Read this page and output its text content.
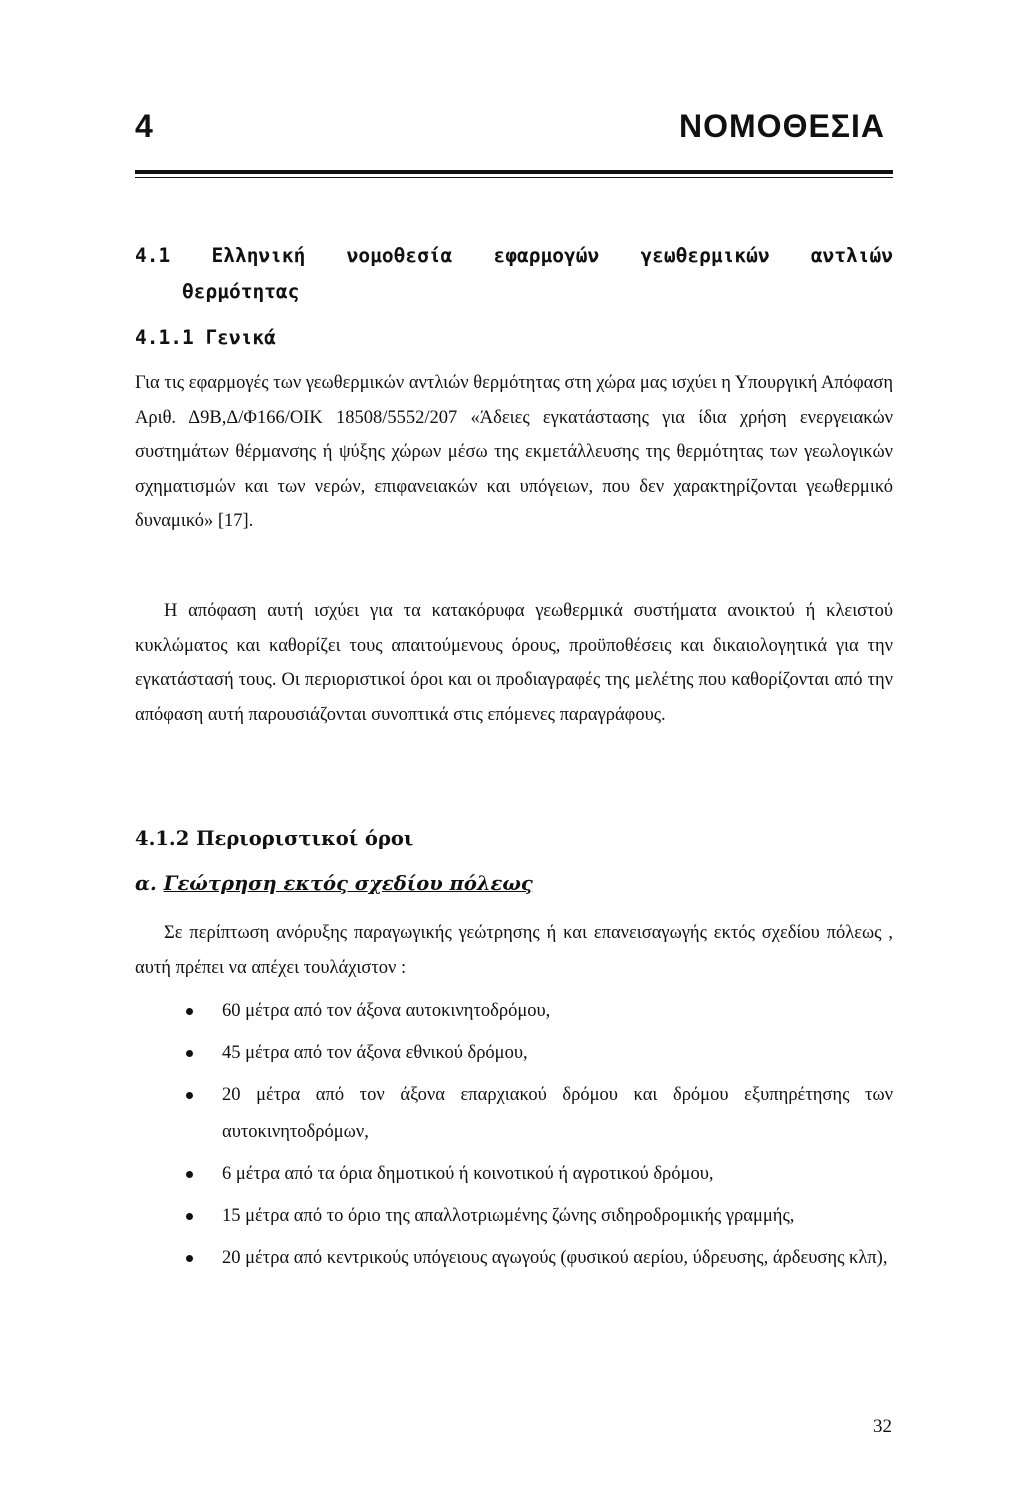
4	ΝΟΜΟΘΕΣΙΑ
4.1 Ελληνική νομοθεσία εφαρμογών γεωθερμικών αντλιών
θερμότητας
4.1.1 Γενικά
Για τις εφαρμογές των γεωθερμικών αντλιών θερμότητας στη χώρα μας ισχύει η Υπουργική Απόφαση Αριθ. Δ9Β,Δ/Φ166/ΟΙΚ 18508/5552/207 «Άδειες εγκατάστασης για ίδια χρήση ενεργειακών συστημάτων θέρμανσης ή ψύξης χώρων μέσω της εκμετάλλευσης της θερμότητας των γεωλογικών σχηματισμών και των νερών, επιφανειακών και υπόγειων, που δεν χαρακτηρίζονται γεωθερμικό δυναμικό» [17].
Η απόφαση αυτή ισχύει για τα κατακόρυφα γεωθερμικά συστήματα ανοικτού ή κλειστού κυκλώματος και καθορίζει τους απαιτούμενους όρους, προϋποθέσεις και δικαιολογητικά για την εγκατάστασή τους. Οι περιοριστικοί όροι και οι προδιαγραφές της μελέτης που καθορίζονται από την απόφαση αυτή παρουσιάζονται συνοπτικά στις επόμενες παραγράφους.
4.1.2 Περιοριστικοί όροι
α. Γεώτρηση εκτός σχεδίου πόλεως
Σε περίπτωση ανόρυξης παραγωγικής γεώτρησης ή και επανεισαγωγής εκτός σχεδίου πόλεως , αυτή πρέπει να απέχει τουλάχιστον :
60 μέτρα από τον άξονα αυτοκινητοδρόμου,
45 μέτρα από τον άξονα εθνικού δρόμου,
20 μέτρα από τον άξονα επαρχιακού δρόμου και δρόμου εξυπηρέτησης των αυτοκινητοδρόμων,
6 μέτρα από τα όρια δημοτικού ή κοινοτικού ή αγροτικού δρόμου,
15 μέτρα από το όριο της απαλλοτριωμένης ζώνης σιδηροδρομικής γραμμής,
20 μέτρα από κεντρικούς υπόγειους αγωγούς (φυσικού αερίου, ύδρευσης, άρδευσης κλπ),
32
